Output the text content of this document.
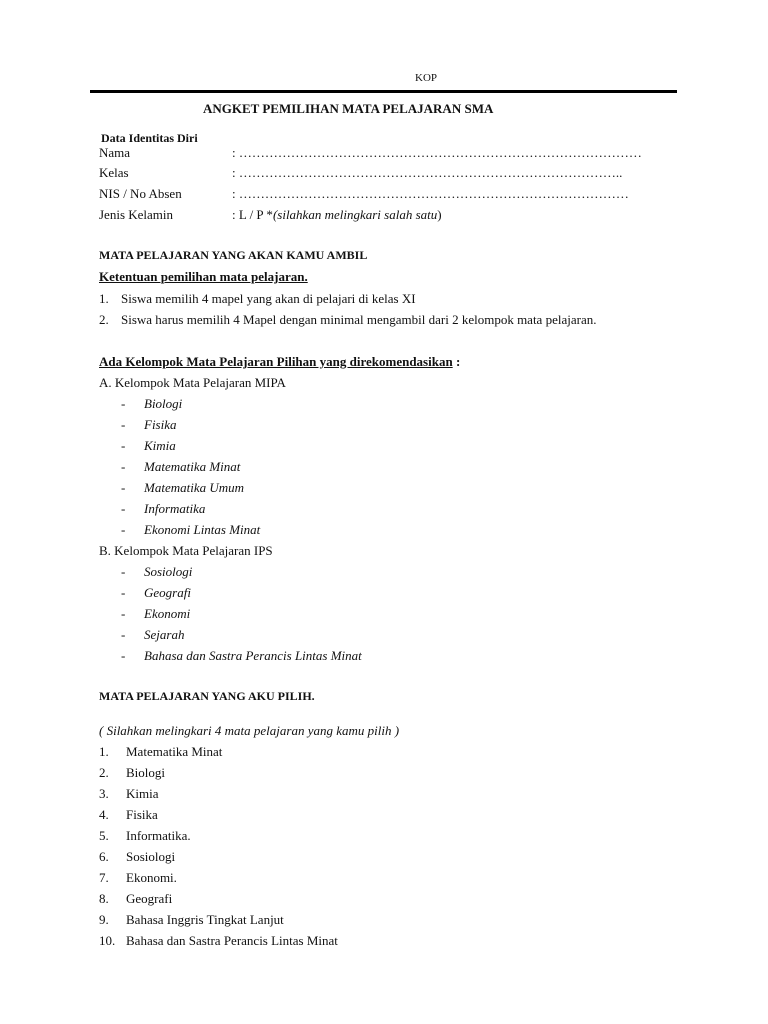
KOP
ANGKET PEMILIHAN MATA PELAJARAN SMA
Data Identitas Diri
Nama	: …………………………………………………………………………………
Kelas	: ……………………………………………………………………………..
NIS / No Absen	: ………………………………………………………………………………
Jenis Kelamin	: L / P *(silahkan melingkari salah satu)
MATA PELAJARAN YANG AKAN KAMU AMBIL
Ketentuan pemilihan mata pelajaran.
1. Siswa memilih 4 mapel yang akan di pelajari di kelas XI
2. Siswa harus memilih 4 Mapel dengan minimal mengambil dari 2 kelompok mata pelajaran.
Ada Kelompok Mata Pelajaran Pilihan yang direkomendasikan :
A. Kelompok Mata Pelajaran MIPA
- Biologi
- Fisika
- Kimia
- Matematika Minat
- Matematika Umum
- Informatika
- Ekonomi Lintas Minat
B. Kelompok Mata Pelajaran IPS
- Sosiologi
- Geografi
- Ekonomi
- Sejarah
- Bahasa dan Sastra Perancis Lintas Minat
MATA PELAJARAN YANG AKU PILIH.
( Silahkan melingkari 4 mata pelajaran yang kamu pilih )
1. Matematika Minat
2. Biologi
3. Kimia
4. Fisika
5. Informatika.
6. Sosiologi
7. Ekonomi.
8. Geografi
9. Bahasa Inggris Tingkat Lanjut
10. Bahasa dan Sastra Perancis Lintas Minat
